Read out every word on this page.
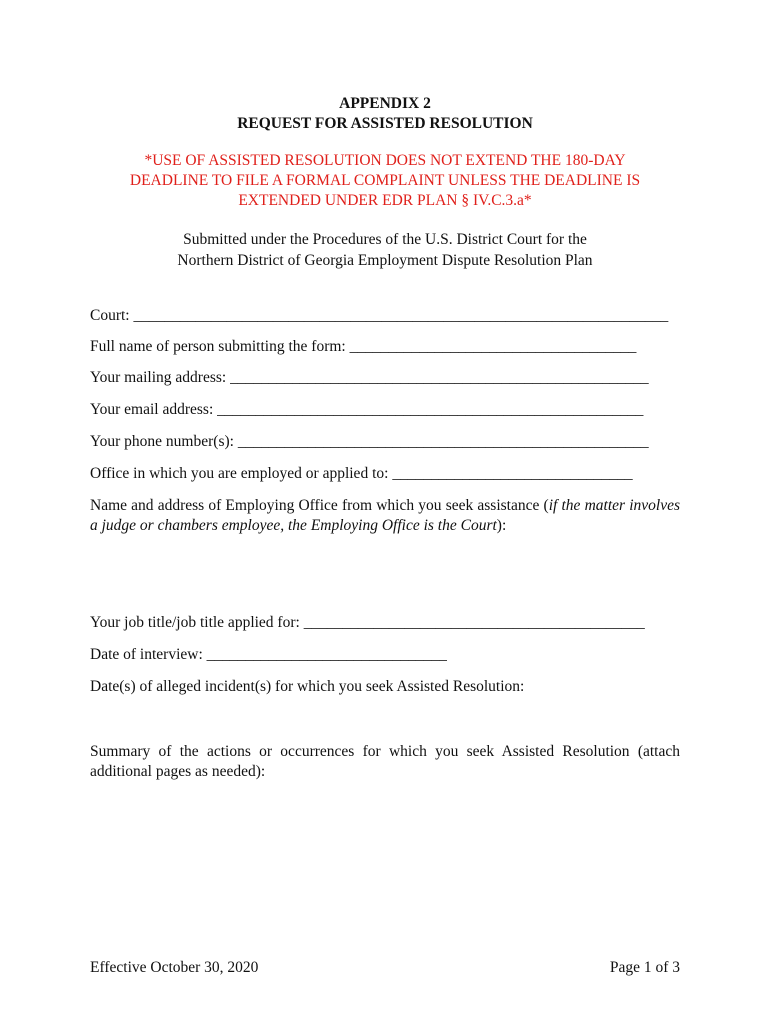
APPENDIX 2
REQUEST FOR ASSISTED RESOLUTION
*USE OF ASSISTED RESOLUTION DOES NOT EXTEND THE 180-DAY
DEADLINE TO FILE A FORMAL COMPLAINT UNLESS THE DEADLINE IS
EXTENDED UNDER EDR PLAN § IV.C.3.a*
Submitted under the Procedures of the U.S. District Court for the
Northern District of Georgia Employment Dispute Resolution Plan
Court: _____________________________________________________________________
Full name of person submitting the form: _____________________________________
Your mailing address: ______________________________________________________
Your email address: _______________________________________________________
Your phone number(s): _____________________________________________________
Office in which you are employed or applied to: _______________________________
Name and address of Employing Office from which you seek assistance (if the matter involves a judge or chambers employee, the Employing Office is the Court):
Your job title/job title applied for: ____________________________________________
Date of interview: _______________________________
Date(s) of alleged incident(s) for which you seek Assisted Resolution:
Summary of the actions or occurrences for which you seek Assisted Resolution (attach additional pages as needed):
Effective October 30, 2020	Page 1 of 3
